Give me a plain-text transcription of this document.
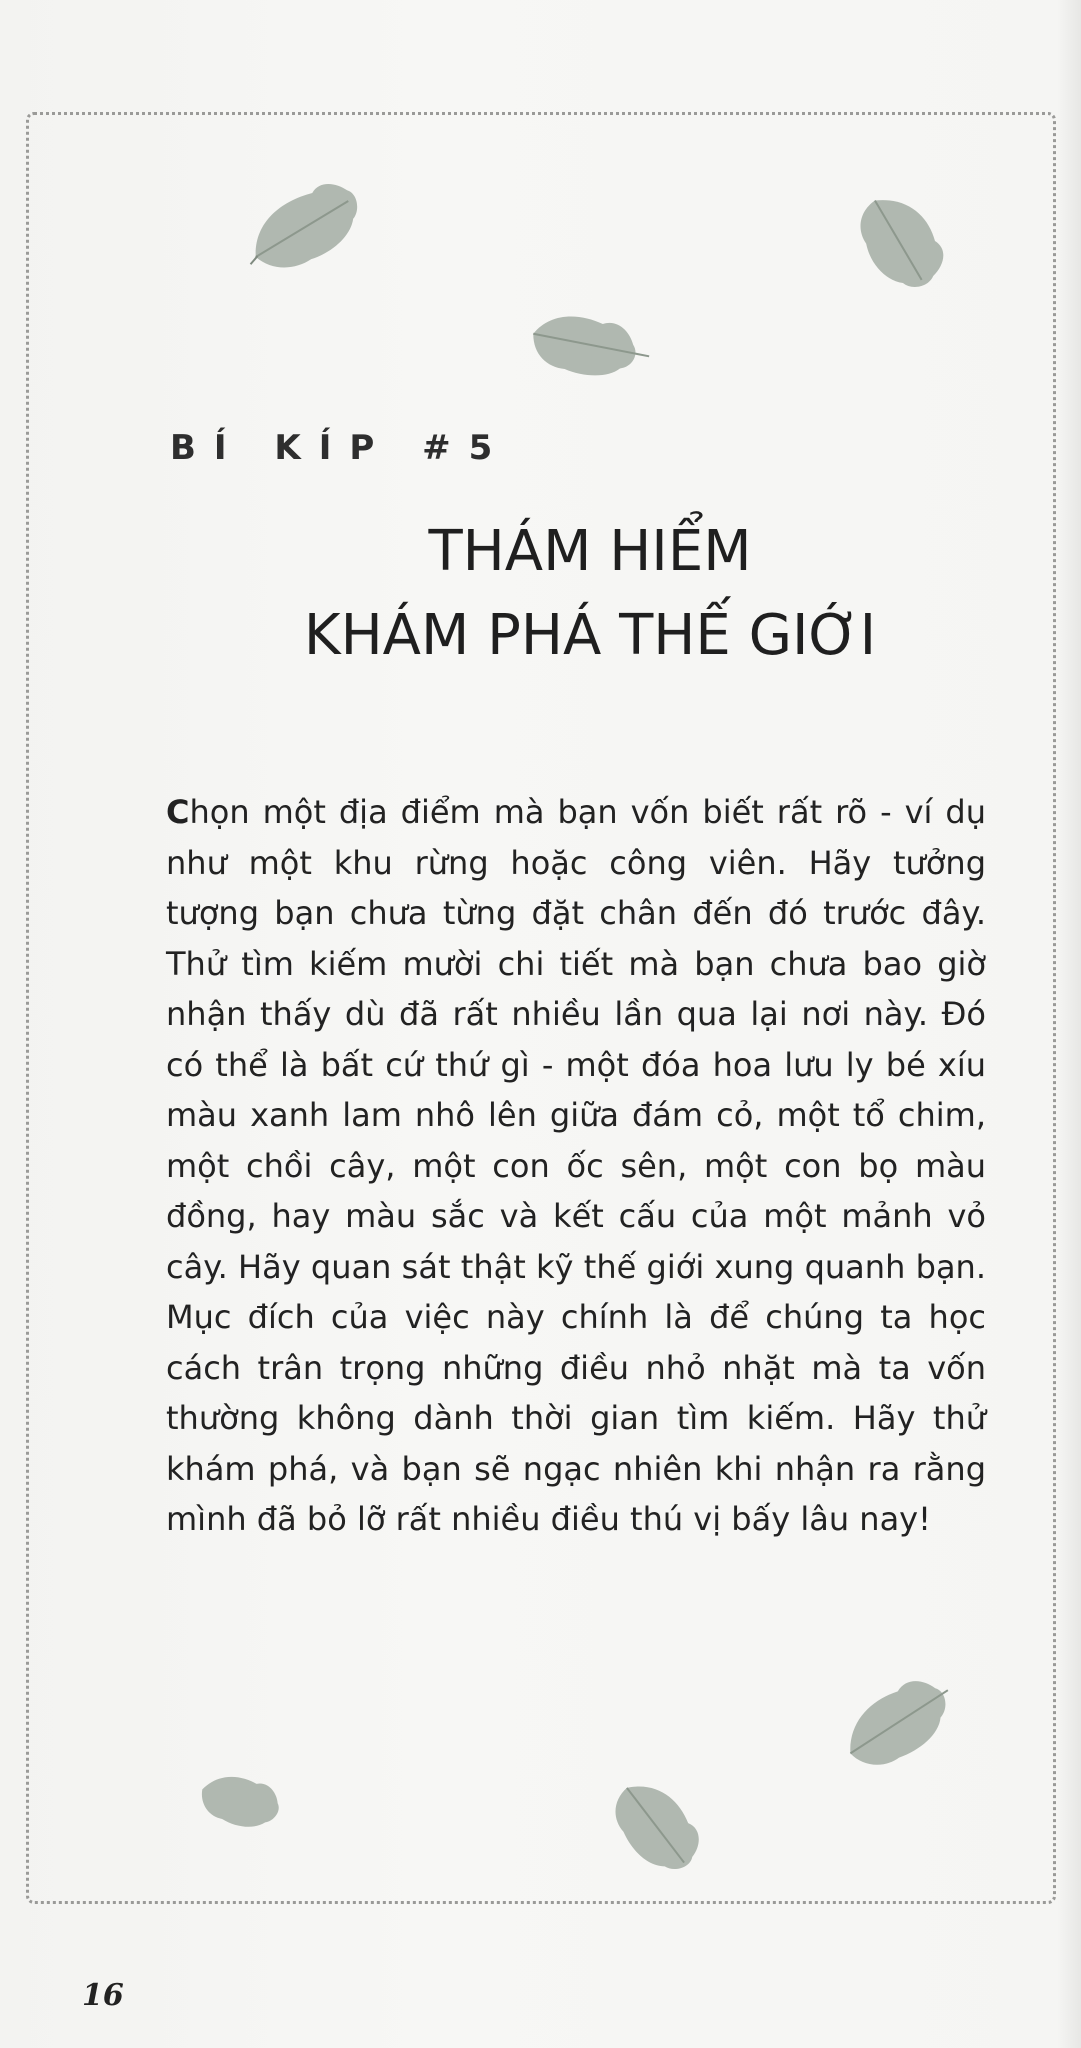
BÍ KÍP #5
THÁM HIỂM
KHÁM PHÁ THẾ GIỚI

Chọn một địa điểm mà bạn vốn biết rất rõ - ví dụ như một khu rừng hoặc công viên. Hãy tưởng tượng bạn chưa từng đặt chân đến đó trước đây. Thử tìm kiếm mười chi tiết mà bạn chưa bao giờ nhận thấy dù đã rất nhiều lần qua lại nơi này. Đó có thể là bất cứ thứ gì - một đóa hoa lưu ly bé xíu màu xanh lam nhô lên giữa đám cỏ, một tổ chim, một chồi cây, một con ốc sên, một con bọ màu đồng, hay màu sắc và kết cấu của một mảnh vỏ cây. Hãy quan sát thật kỹ thế giới xung quanh bạn. Mục đích của việc này chính là để chúng ta học cách trân trọng những điều nhỏ nhặt mà ta vốn thường không dành thời gian tìm kiếm. Hãy thử khám phá, và bạn sẽ ngạc nhiên khi nhận ra rằng mình đã bỏ lỡ rất nhiều điều thú vị bấy lâu nay!

16
